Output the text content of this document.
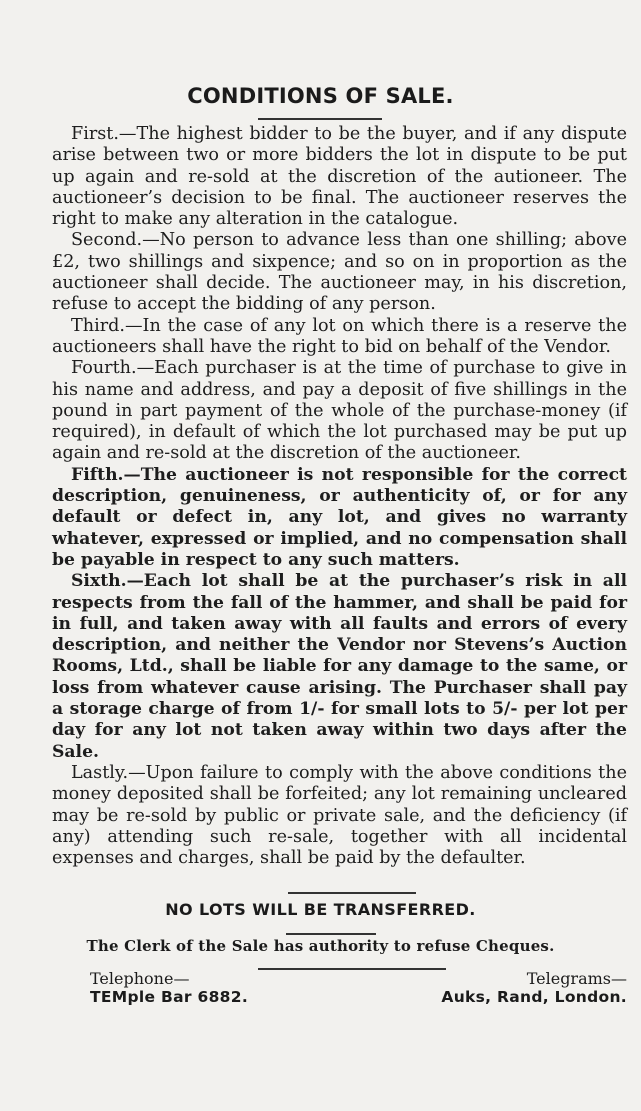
CONDITIONS OF SALE.

First.—The highest bidder to be the buyer, and if any dispute arise between two or more bidders the lot in dispute to be put up again and re-sold at the discretion of the autioneer. The auctioneer’s decision to be final. The auctioneer reserves the right to make any alteration in the catalogue.

Second.—No person to advance less than one shilling; above £2, two shillings and sixpence; and so on in proportion as the auctioneer shall decide. The auctioneer may, in his discretion, refuse to accept the bidding of any person.

Third.—In the case of any lot on which there is a reserve the auctioneers shall have the right to bid on behalf of the Vendor.

Fourth.—Each purchaser is at the time of purchase to give in his name and address, and pay a deposit of five shillings in the pound in part payment of the whole of the purchase-money (if required), in default of which the lot purchased may be put up again and re-sold at the discretion of the auctioneer.

Fifth.—The auctioneer is not responsible for the correct description, genuineness, or authenticity of, or for any default or defect in, any lot, and gives no warranty whatever, expressed or implied, and no compensation shall be payable in respect to any such matters.

Sixth.—Each lot shall be at the purchaser’s risk in all respects from the fall of the hammer, and shall be paid for in full, and taken away with all faults and errors of every description, and neither the Vendor nor Stevens’s Auction Rooms, Ltd., shall be liable for any damage to the same, or loss from whatever cause arising. The Purchaser shall pay a storage charge of from 1/- for small lots to 5/- per lot per day for any lot not taken away within two days after the Sale.

Lastly.—Upon failure to comply with the above conditions the money deposited shall be forfeited; any lot remaining uncleared may be re-sold by public or private sale, and the deficiency (if any) attending such re-sale, together with all incidental expenses and charges, shall be paid by the defaulter.

NO LOTS WILL BE TRANSFERRED.
The Clerk of the Sale has authority to refuse Cheques.
Telephone—
TEMple Bar 6882.
Telegrams—
Auks, Rand, London.
